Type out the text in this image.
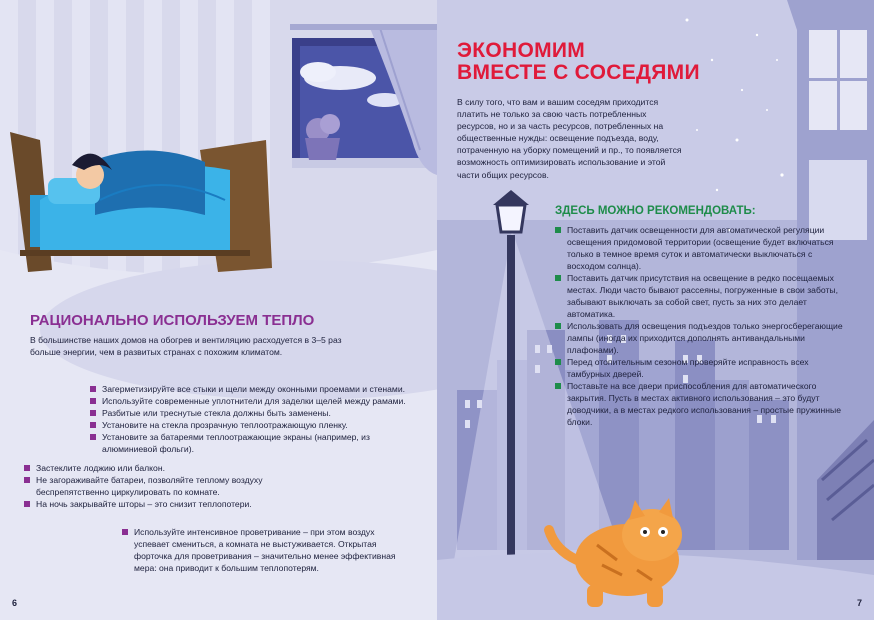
РАЦИОНАЛЬНО ИСПОЛЬЗУЕМ ТЕПЛО

В большинстве наших домов на обогрев и вентиляцию расходуется в 3–5 раз больше энергии, чем в развитых странах с похожим климатом.

Загерметизируйте все стыки и щели между оконными проемами и стенами.
Используйте современные уплотнители для заделки щелей между рамами.
Разбитые или треснутые стекла должны быть заменены.
Установите на стекла прозрачную теплоотражающую пленку.
Установите за батареями теплоотражающие экраны (например, из алюминиевой фольги).
Застеклите лоджию или балкон.
Не загораживайте батареи, позволяйте теплому воздуху беспрепятственно циркулировать по комнате.
На ночь закрывайте шторы – это снизит теплопотери.
Используйте интенсивное проветривание – при этом воздух успевает смениться, а комната не выстуживается. Открытая форточка для проветривания – значительно менее эффективная мера: она приводит к большим теплопотерям.
6
ЭКОНОМИМ
ВМЕСТЕ С СОСЕДЯМИ

В силу того, что вам и вашим соседям приходится платить не только за свою часть потребленных ресурсов, но и за часть ресурсов, потребленных на общественные нужды: освещение подъезда, воду, потраченную на уборку помещений и пр., то появляется возможность оптимизировать использование и этой части общих ресурсов.

ЗДЕСЬ МОЖНО РЕКОМЕНДОВАТЬ:
Поставить датчик освещенности для автоматической регуляции освещения придомовой территории (освещение будет включаться только в темное время суток и автоматически выключаться с восходом солнца).
Поставить датчик присутствия на освещение в редко посещаемых местах. Люди часто бывают рассеяны, погруженные в свои заботы, забывают выключать за собой свет, пусть за них это делает автоматика.
Использовать для освещения подъездов только энергосберегающие лампы (иногда их приходится дополнять антивандальными плафонами).
Перед отопительным сезоном проверяйте исправность всех тамбурных дверей.
Поставьте на все двери приспособления для автоматического закрытия. Пусть в местах активного использования – это будут доводчики, а в местах редкого использования – простые пружинные блоки.
7
